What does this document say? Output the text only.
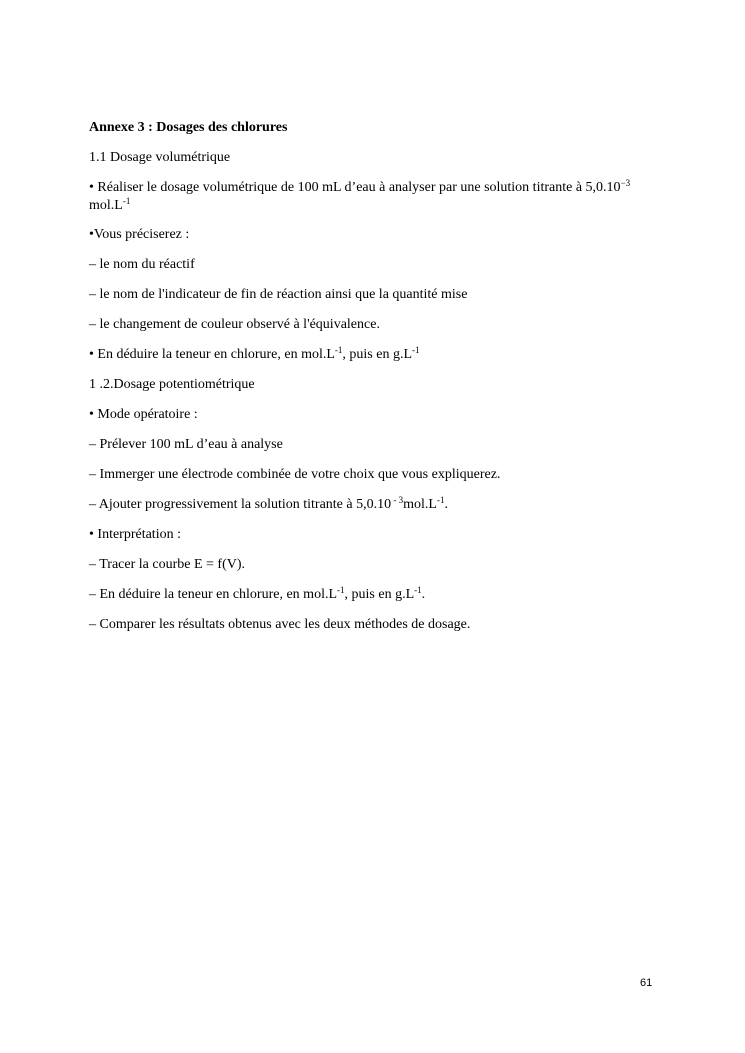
Annexe 3 : Dosages des chlorures
1.1 Dosage volumétrique
• Réaliser le dosage volumétrique de 100 mL d’eau à analyser par une solution titrante à $5,0.10^{-3}$ $mol.L^{-1}$
•Vous préciserez :
– le nom du réactif
– le nom de l'indicateur de fin de réaction ainsi que la quantité mise
– le changement de couleur observé à l'équivalence.
• En déduire la teneur en chlorure, en $mol.L^{-1}$, puis en $g.L^{-1}$
1 .2.Dosage potentiométrique
• Mode opératoire :
– Prélever 100 mL d’eau à analyse
– Immerger une électrode combinée de votre choix que vous expliquerez.
– Ajouter progressivement la solution titrante à 5,0.10 $^{- 3}mol.L^{-1}$.
• Interprétation :
– Tracer la courbe E = f(V).
– En déduire la teneur en chlorure, en $mol.L^{-1}$, puis en $g.L^{-1}$.
– Comparer les résultats obtenus avec les deux méthodes de dosage.
61
